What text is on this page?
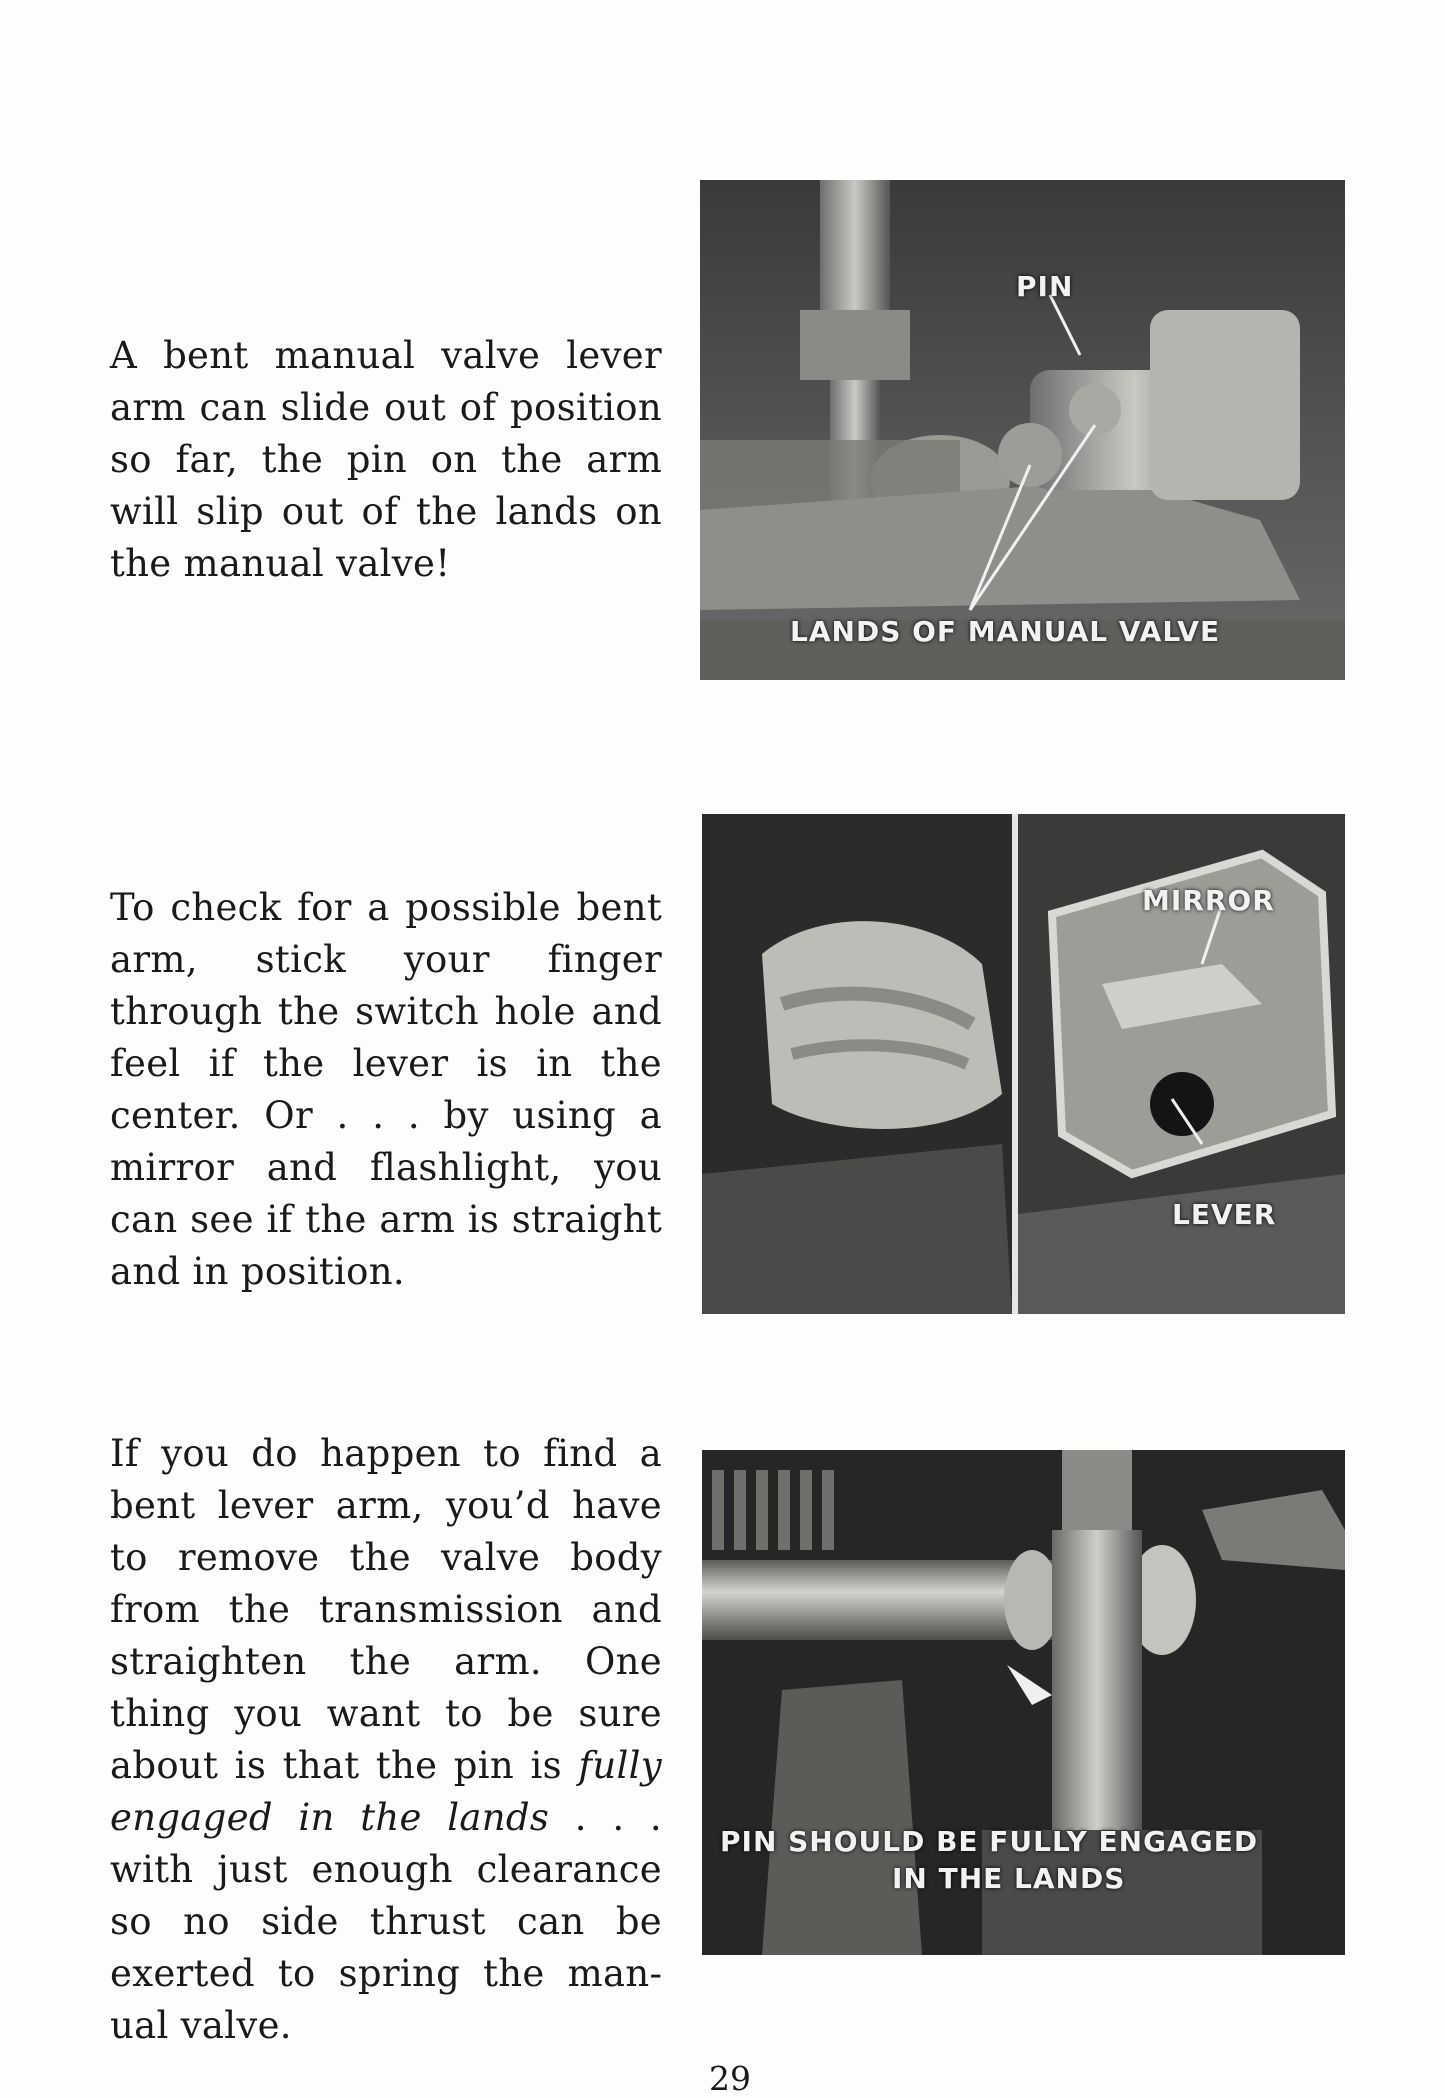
A bent manual valve lever arm can slide out of position so far, the pin on the arm will slip out of the lands on the manual valve!

PIN
LANDS OF MANUAL VALVE

To check for a possible bent arm, stick your finger through the switch hole and feel if the lever is in the center. Or . . . by using a mirror and flashlight, you can see if the arm is straight and in position.

MIRROR
LEVER

If you do happen to find a bent lever arm, you’d have to remove the valve body from the transmission and straighten the arm. One thing you want to be sure about is that the pin is fully engaged in the lands . . . with just enough clearance so no side thrust can be exerted to spring the manual valve.

PIN SHOULD BE FULLY ENGAGED
IN THE LANDS
29
